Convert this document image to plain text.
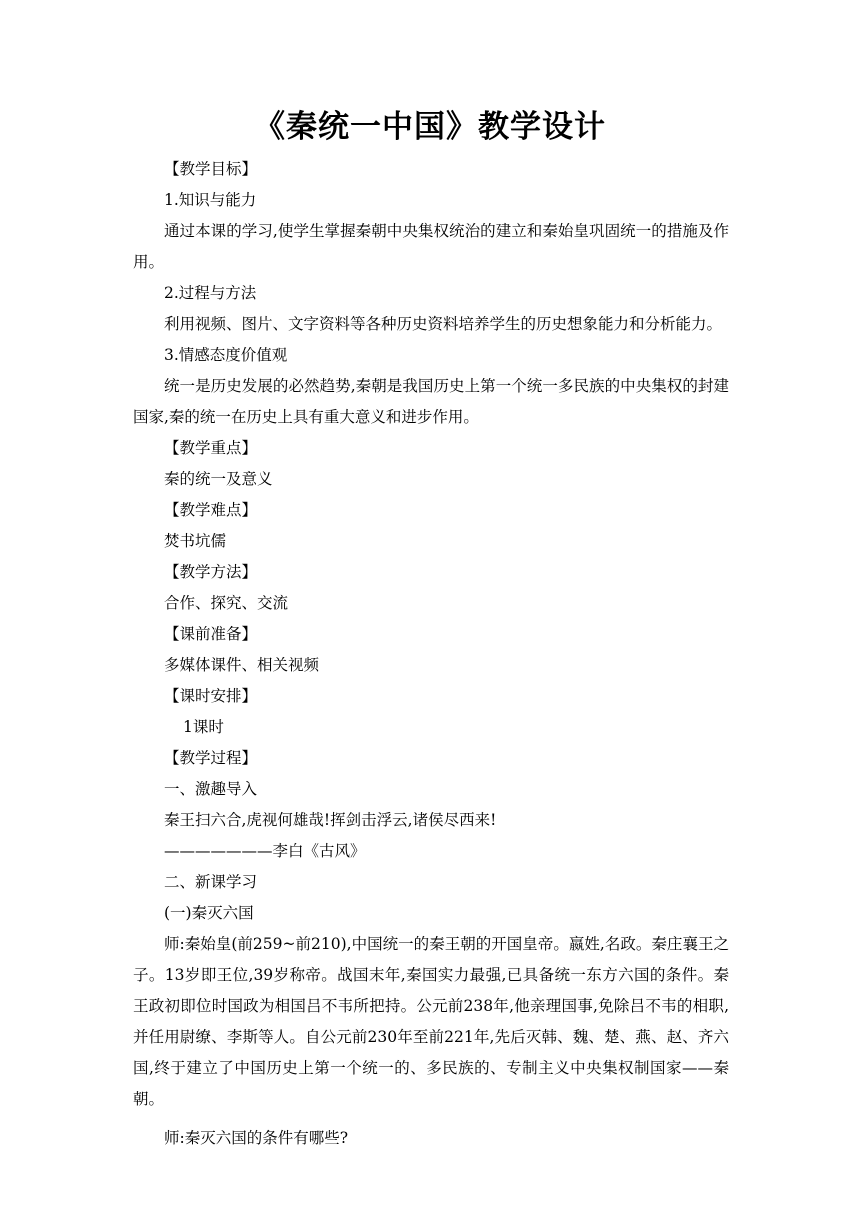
《秦统一中国》教学设计

【教学目标】

1.知识与能力

通过本课的学习,使学生掌握秦朝中央集权统治的建立和秦始皇巩固统一的措施及作用。

2.过程与方法

利用视频、图片、文字资料等各种历史资料培养学生的历史想象能力和分析能力。

3.情感态度价值观

统一是历史发展的必然趋势,秦朝是我国历史上第一个统一多民族的中央集权的封建国家,秦的统一在历史上具有重大意义和进步作用。

【教学重点】

秦的统一及意义

【教学难点】

焚书坑儒

【教学方法】

合作、探究、交流

【课前准备】

多媒体课件、相关视频

【课时安排】

1课时

【教学过程】

一、激趣导入

秦王扫六合,虎视何雄哉!挥剑击浮云,诸侯尽西来!

———————李白《古风》

二、新课学习

(一)秦灭六国

师:秦始皇(前259~前210),中国统一的秦王朝的开国皇帝。嬴姓,名政。秦庄襄王之子。13岁即王位,39岁称帝。战国末年,秦国实力最强,已具备统一东方六国的条件。秦王政初即位时国政为相国吕不韦所把持。公元前238年,他亲理国事,免除吕不韦的相职,并任用尉缭、李斯等人。自公元前230年至前221年,先后灭韩、魏、楚、燕、赵、齐六国,终于建立了中国历史上第一个统一的、多民族的、专制主义中央集权制国家——秦朝。

师:秦灭六国的条件有哪些?
